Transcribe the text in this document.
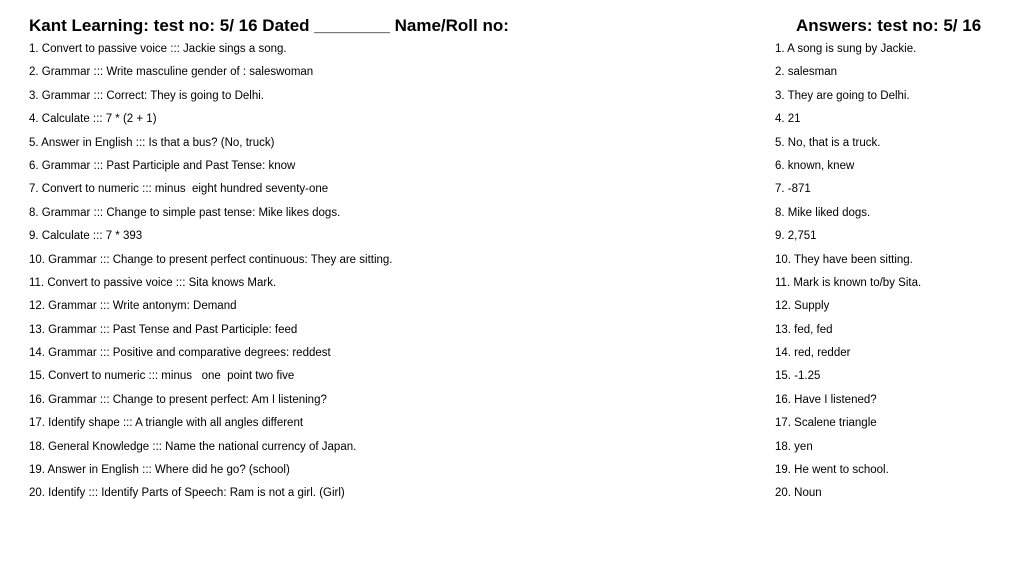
Kant Learning: test no: 5/ 16 Dated ________ Name/Roll no:	Answers: test no: 5/ 16
1. Convert to passive voice ::: Jackie sings a song.
2. Grammar ::: Write masculine gender of : saleswoman
3. Grammar ::: Correct: They is going to Delhi.
4. Calculate ::: 7 * (2 + 1)
5. Answer in English ::: Is that a bus? (No, truck)
6. Grammar ::: Past Participle and Past Tense: know
7. Convert to numeric ::: minus  eight hundred seventy-one
8. Grammar ::: Change to simple past tense: Mike likes dogs.
9. Calculate ::: 7 * 393
10. Grammar ::: Change to present perfect continuous: They are sitting.
11. Convert to passive voice ::: Sita knows Mark.
12. Grammar ::: Write antonym: Demand
13. Grammar ::: Past Tense and Past Participle: feed
14. Grammar ::: Positive and comparative degrees: reddest
15. Convert to numeric ::: minus   one  point two five
16. Grammar ::: Change to present perfect: Am I listening?
17. Identify shape ::: A triangle with all angles different
18. General Knowledge ::: Name the national currency of Japan.
19. Answer in English ::: Where did he go? (school)
20. Identify ::: Identify Parts of Speech: Ram is not a girl. (Girl)
1. A song is sung by Jackie.
2. salesman
3. They are going to Delhi.
4. 21
5. No, that is a truck.
6. known, knew
7. -871
8. Mike liked dogs.
9. 2,751
10. They have been sitting.
11. Mark is known to/by Sita.
12. Supply
13. fed, fed
14. red, redder
15. -1.25
16. Have I listened?
17. Scalene triangle
18. yen
19. He went to school.
20. Noun
